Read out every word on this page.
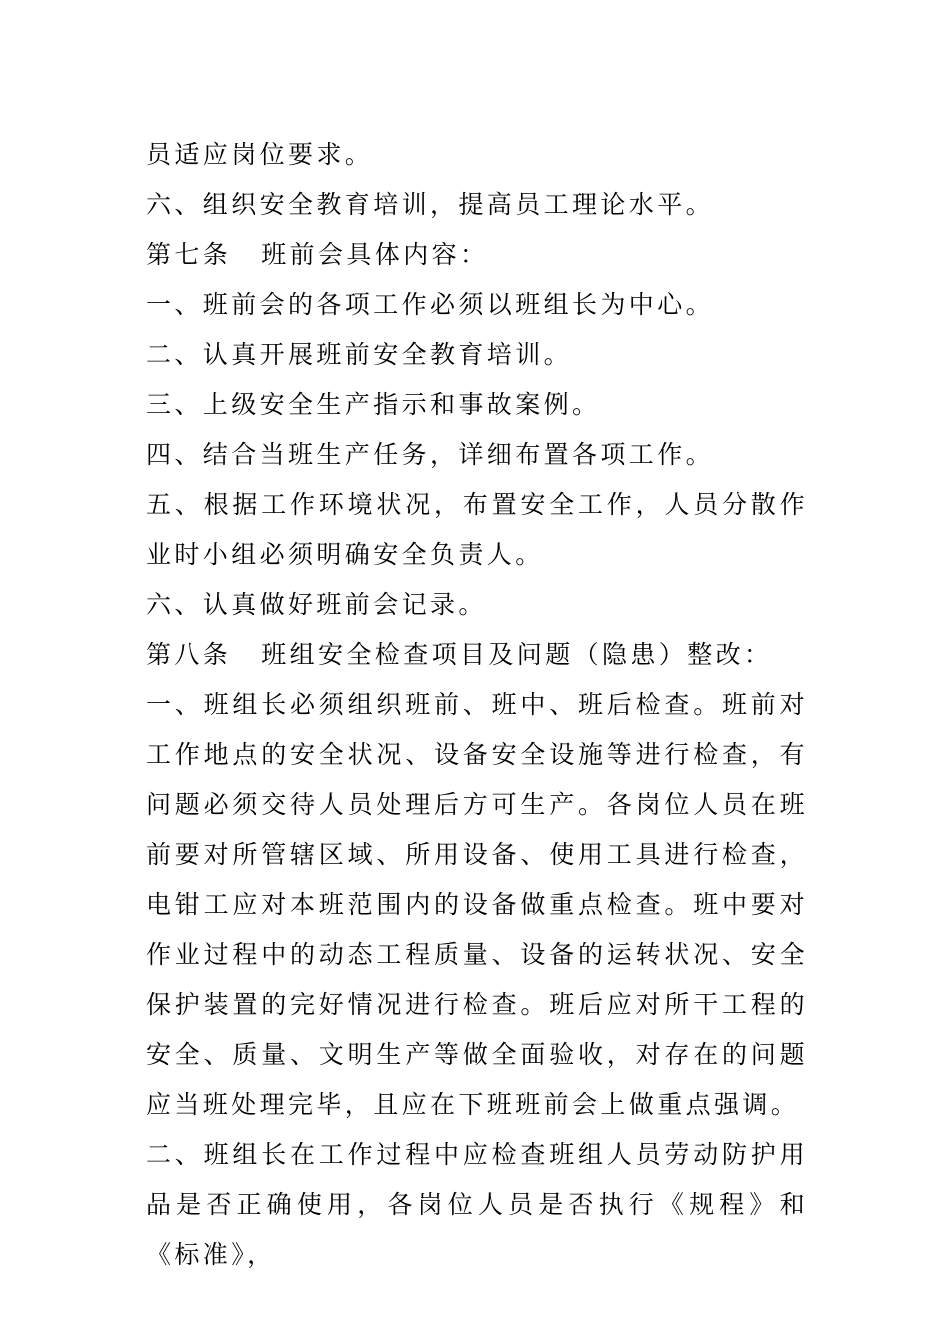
员适应岗位要求。

六、组织安全教育培训，提高员工理论水平。

第七条 班前会具体内容：

一、班前会的各项工作必须以班组长为中心。

二、认真开展班前安全教育培训。

三、上级安全生产指示和事故案例。

四、结合当班生产任务，详细布置各项工作。

五、根据工作环境状况，布置安全工作，人员分散作业时小组必须明确安全负责人。

六、认真做好班前会记录。

第八条 班组安全检查项目及问题（隐患）整改：

一、班组长必须组织班前、班中、班后检查。班前对工作地点的安全状况、设备安全设施等进行检查，有问题必须交待人员处理后方可生产。各岗位人员在班前要对所管辖区域、所用设备、使用工具进行检查，电钳工应对本班范围内的设备做重点检查。班中要对作业过程中的动态工程质量、设备的运转状况、安全保护装置的完好情况进行检查。班后应对所干工程的安全、质量、文明生产等做全面验收，对存在的问题应当班处理完毕，且应在下班班前会上做重点强调。

二、班组长在工作过程中应检查班组人员劳动防护用品是否正确使用，各岗位人员是否执行《规程》和《标准》，
